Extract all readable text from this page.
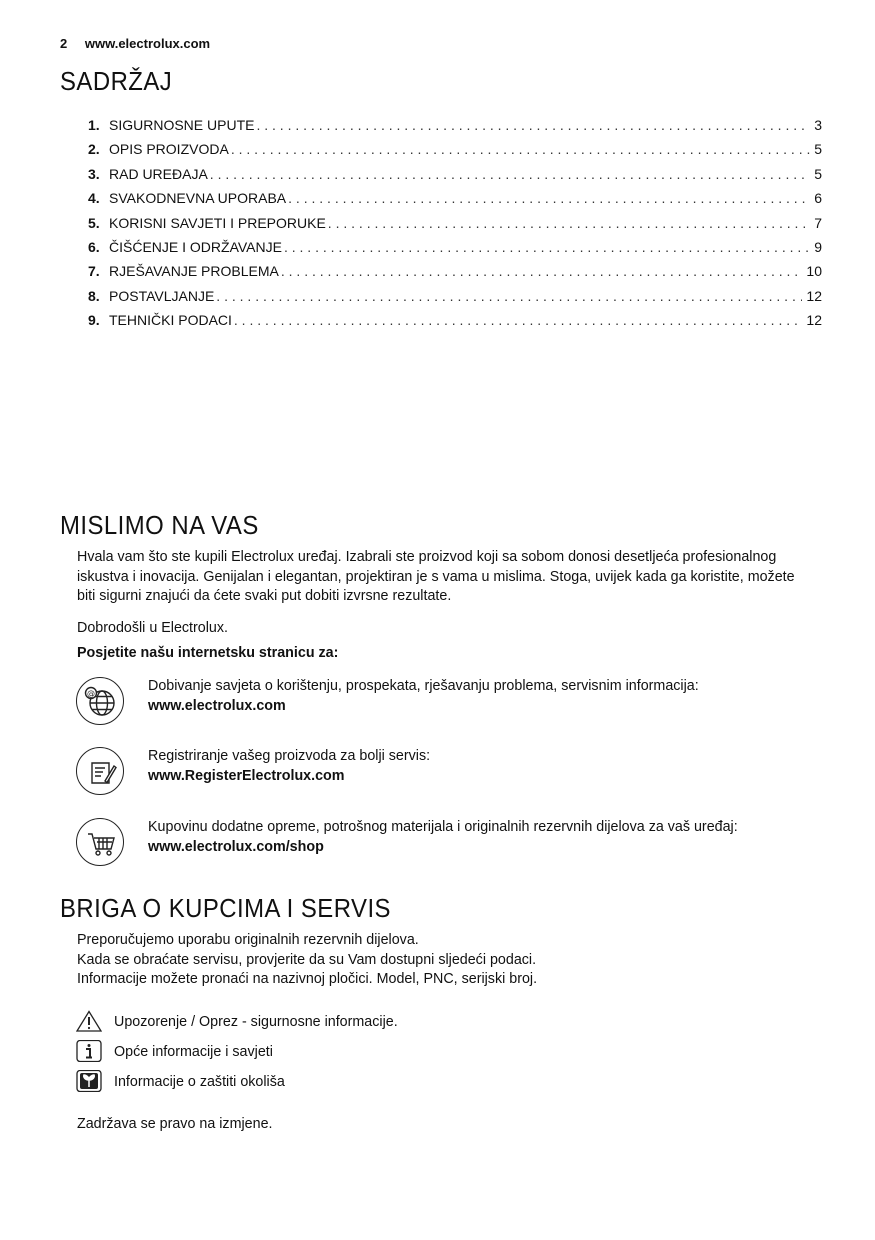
2 www.electrolux.com
SADRŽAJ
1. SIGURNOSNE UPUTE . . .	3
2. OPIS PROIZVODA . . .	5
3. RAD UREĐAJA . . .	5
4. SVAKODNEVNA UPORABA . . .	6
5. KORISNI SAVJETI I PREPORUKE . . .	7
6. ČIŠĆENJE I ODRŽAVANJE . . .	9
7. RJEŠAVANJE PROBLEMA . . .	10
8. POSTAVLJANJE . . .	12
9. TEHNIČKI PODACI . . .	12
MISLIMO NA VAS
Hvala vam što ste kupili Electrolux uređaj. Izabrali ste proizvod koji sa sobom donosi desetljeća profesionalnog
iskustva i inovacija. Genijalan i elegantan, projektiran je s vama u mislima. Stoga, uvijek kada ga koristite, možete
biti sigurni znajući da ćete svaki put dobiti izvrsne rezultate.
Dobrodošli u Electrolux.
Posjetite našu internetsku stranicu za:
@	Dobivanje savjeta o korištenju, prospekata, rješavanju problema, servisnim informacija:
www.electrolux.com
Registriranje vašeg proizvoda za bolji servis:
www.RegisterElectrolux.com
Kupovinu dodatne opreme, potrošnog materijala i originalnih rezervnih dijelova za vaš uređaj:
www.electrolux.com/shop
BRIGA O KUPCIMA I SERVIS
Preporučujemo uporabu originalnih rezervnih dijelova.
Kada se obraćate servisu, provjerite da su Vam dostupni sljedeći podaci.
Informacije možete pronaći na nazivnoj pločici. Model, PNC, serijski broj.
Upozorenje / Oprez - sigurnosne informacije.
Opće informacije i savjeti
Informacije o zaštiti okoliša
Zadržava se pravo na izmjene.
